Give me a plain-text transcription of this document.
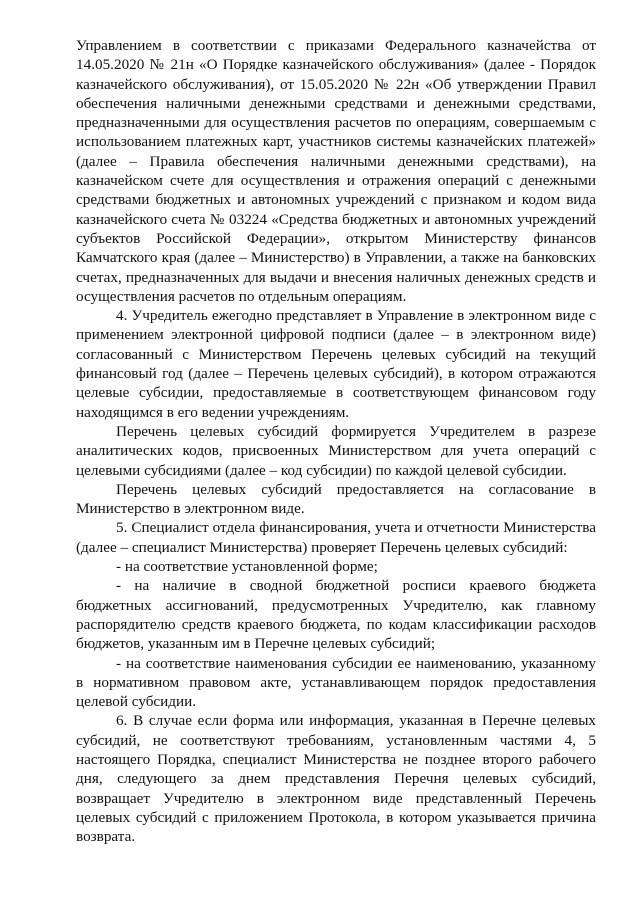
Управлением в соответствии с приказами Федерального казначейства от 14.05.2020 № 21н «О Порядке казначейского обслуживания» (далее - Порядок казначейского обслуживания), от 15.05.2020 № 22н «Об утверждении Правил обеспечения наличными денежными средствами и денежными средствами, предназначенными для осуществления расчетов по операциям, совершаемым с использованием платежных карт, участников системы казначейских платежей» (далее – Правила обеспечения наличными денежными средствами), на казначейском счете для осуществления и отражения операций с денежными средствами бюджетных и автономных учреждений с признаком и кодом вида казначейского счета № 03224 «Средства бюджетных и автономных учреждений субъектов Российской Федерации», открытом Министерству финансов Камчатского края (далее – Министерство) в Управлении, а также на банковских счетах, предназначенных для выдачи и внесения наличных денежных средств и осуществления расчетов по отдельным операциям.

4. Учредитель ежегодно представляет в Управление в электронном виде с применением электронной цифровой подписи (далее – в электронном виде) согласованный с Министерством Перечень целевых субсидий на текущий финансовый год (далее – Перечень целевых субсидий), в котором отражаются целевые субсидии, предоставляемые в соответствующем финансовом году находящимся в его ведении учреждениям.

Перечень целевых субсидий формируется Учредителем в разрезе аналитических кодов, присвоенных Министерством для учета операций с целевыми субсидиями (далее – код субсидии) по каждой целевой субсидии.

Перечень целевых субсидий предоставляется на согласование в Министерство в электронном виде.

5. Специалист отдела финансирования, учета и отчетности Министерства (далее – специалист Министерства) проверяет Перечень целевых субсидий:

- на соответствие установленной форме;

- на наличие в сводной бюджетной росписи краевого бюджета бюджетных ассигнований, предусмотренных Учредителю, как главному распорядителю средств краевого бюджета, по кодам классификации расходов бюджетов, указанным им в Перечне целевых субсидий;

- на соответствие наименования субсидии ее наименованию, указанному в нормативном правовом акте, устанавливающем порядок предоставления целевой субсидии.

6. В случае если форма или информация, указанная в Перечне целевых субсидий, не соответствуют требованиям, установленным частями 4, 5 настоящего Порядка, специалист Министерства не позднее второго рабочего дня, следующего за днем представления Перечня целевых субсидий, возвращает Учредителю в электронном виде представленный Перечень целевых субсидий с приложением Протокола, в котором указывается причина возврата.
